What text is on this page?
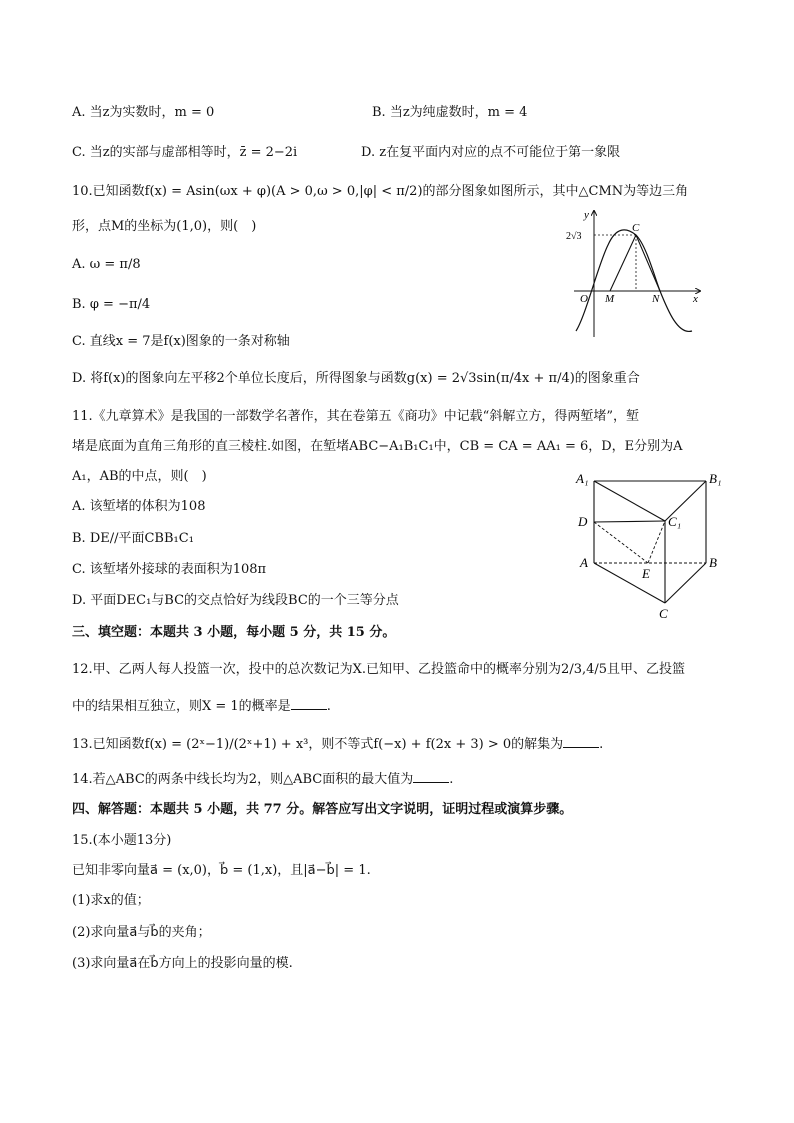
A. 当z为实数时，m = 0	B. 当z为纯虚数时，m = 4
C. 当z的实部与虚部相等时，z̄ = 2−2i	D. z在复平面内对应的点不可能位于第一象限
10.已知函数f(x) = Asin(ωx + φ)(A > 0,ω > 0,|φ| < π/2)的部分图象如图所示，其中△CMN为等边三角
形，点M的坐标为(1,0)，则(　)
A. ω = π/8
B. φ = −π/4
C. 直线x = 7是f(x)图象的一条对称轴
D. 将f(x)的图象向左平移2个单位长度后，所得图象与函数g(x) = 2√3sin(π/4x + π/4)的图象重合
y
x
O M	N
C
2√3
11.《九章算术》是我国的一部数学名著作，其在卷第五《商功》中记载“斜解立方，得两堑堵”，堑
堵是底面为直角三角形的直三棱柱.如图，在堑堵ABC−A₁B₁C₁中，CB = CA = AA₁ = 6，D，E分别为A
A₁，AB的中点，则(　)
A. 该堑堵的体积为108
B. DE//平面CBB₁C₁
C. 该堑堵外接球的表面积为108π
D. 平面DEC₁与BC的交点恰好为线段BC的一个三等分点
A₁	B₁
D	C₁
A
E
B
C
三、填空题：本题共 3 小题，每小题 5 分，共 15 分。
12.甲、乙两人每人投篮一次，投中的总次数记为X.已知甲、乙投篮命中的概率分别为2/3,4/5且甲、乙投篮
中的结果相互独立，则X = 1的概率是	.
13.已知函数f(x) = (2ˣ−1)/(2ˣ+1) + x³，则不等式f(−x) + f(2x + 3) > 0的解集为	.
14.若△ABC的两条中线长均为2，则△ABC面积的最大值为	.
四、解答题：本题共 5 小题，共 77 分。解答应写出文字说明，证明过程或演算步骤。
15.(本小题13分)
已知非零向量a⃗ = (x,0)，b⃗ = (1,x)，且|a⃗−b⃗| = 1.
(1)求x的值；
(2)求向量a⃗与b⃗的夹角；
(3)求向量a⃗在b⃗方向上的投影向量的模.
